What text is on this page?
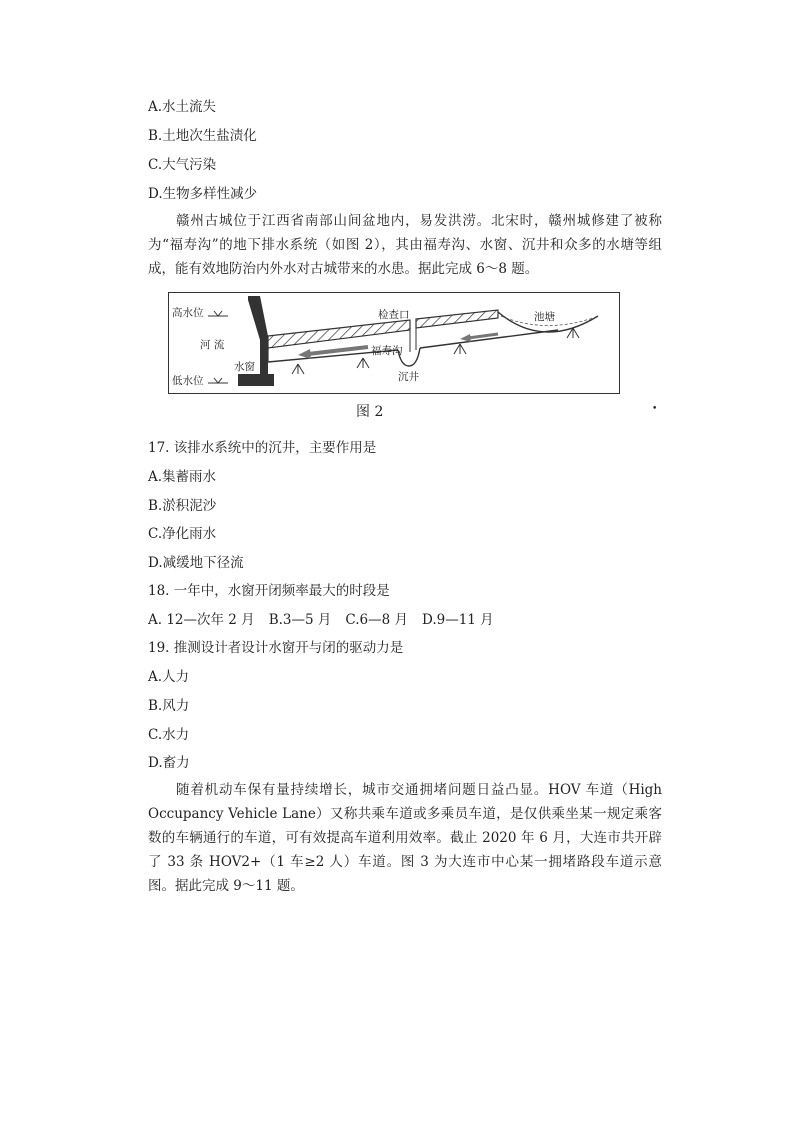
A.水土流失
B.土地次生盐渍化
C.大气污染
D.生物多样性减少
赣州古城位于江西省南部山间盆地内，易发洪涝。北宋时，赣州城修建了被称为“福寿沟”的地下排水系统（如图 2），其由福寿沟、水窗、沉井和众多的水塘等组成，能有效地防治内外水对古城带来的水患。据此完成 6～8 题。
高水位
河 流
水窗
低水位
检查口
福寿沟
沉井
池塘
图 2	•
17. 该排水系统中的沉井，主要作用是
A.集蓄雨水
B.淤积泥沙
C.净化雨水
D.减缓地下径流
18. 一年中，水窗开闭频率最大的时段是
A. 12—次年 2 月 B.3—5 月 C.6—8 月 D.9—11 月
19. 推测设计者设计水窗开与闭的驱动力是
A.人力
B.风力
C.水力
D.畜力
随着机动车保有量持续增长，城市交通拥堵问题日益凸显。HOV 车道（High Occupancy Vehicle Lane）又称共乘车道或多乘员车道，是仅供乘坐某一规定乘客数的车辆通行的车道，可有效提高车道利用效率。截止 2020 年 6 月，大连市共开辟了 33 条 HOV2+（1 车≥2 人）车道。图 3 为大连市中心某一拥堵路段车道示意图。据此完成 9～11 题。
